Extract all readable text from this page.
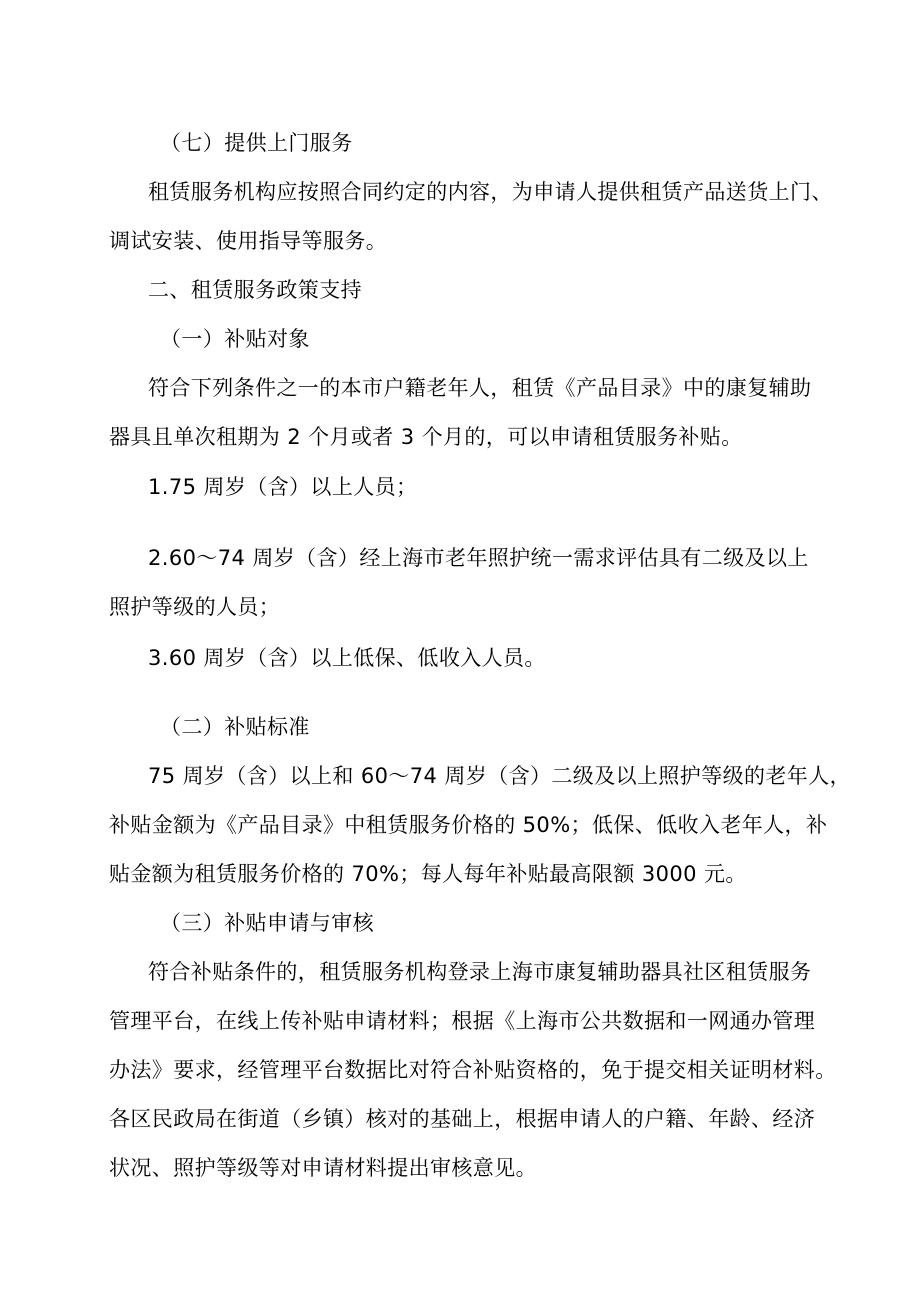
（七）提供上门服务

租赁服务机构应按照合同约定的内容，为申请人提供租赁产品送货上门、

调试安装、使用指导等服务。

二、租赁服务政策支持

（一）补贴对象

符合下列条件之一的本市户籍老年人，租赁《产品目录》中的康复辅助

器具且单次租期为 2 个月或者 3 个月的，可以申请租赁服务补贴。

1.75 周岁（含）以上人员；

2.60～74 周岁（含）经上海市老年照护统一需求评估具有二级及以上

照护等级的人员；

3.60 周岁（含）以上低保、低收入人员。

（二）补贴标准

75 周岁（含）以上和 60～74 周岁（含）二级及以上照护等级的老年人，

补贴金额为《产品目录》中租赁服务价格的 50%；低保、低收入老年人，补

贴金额为租赁服务价格的 70%；每人每年补贴最高限额 3000 元。

（三）补贴申请与审核

符合补贴条件的，租赁服务机构登录上海市康复辅助器具社区租赁服务

管理平台，在线上传补贴申请材料；根据《上海市公共数据和一网通办管理

办法》要求，经管理平台数据比对符合补贴资格的，免于提交相关证明材料。

各区民政局在街道（乡镇）核对的基础上，根据申请人的户籍、年龄、经济

状况、照护等级等对申请材料提出审核意见。
